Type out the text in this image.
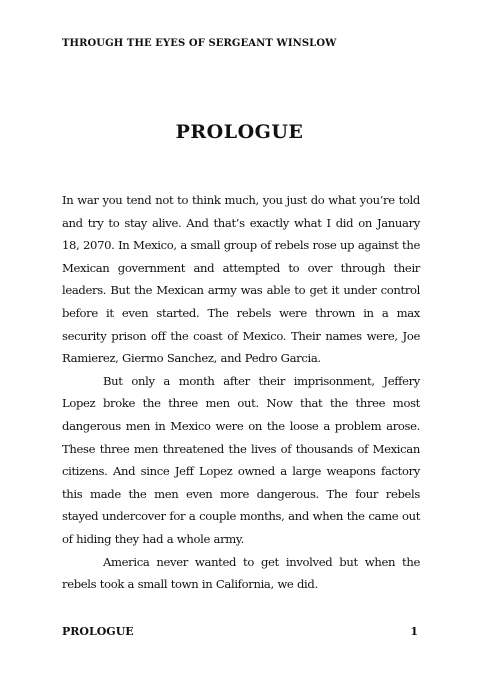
THROUGH THE EYES OF SERGEANT WINSLOW
PROLOGUE

In war you tend not to think much, you just do what you’re told and try to stay alive. And that’s exactly what I did on January 18, 2070. In Mexico, a small group of rebels rose up against the Mexican government and attempted to over through their leaders. But the Mexican army was able to get it under control before it even started. The rebels were thrown in a max security prison off the coast of Mexico. Their names were, Joe Ramierez, Giermo Sanchez, and Pedro Garcia.

But only a month after their imprisonment, Jeffery Lopez broke the three men out. Now that the three most dangerous men in Mexico were on the loose a problem arose. These three men threatened the lives of thousands of Mexican citizens. And since Jeff Lopez owned a large weapons factory this made the men even more dangerous. The four rebels stayed undercover for a couple months, and when the came out of hiding they had a whole army.

America never wanted to get involved but when the rebels took a small town in California, we did.

PROLOGUE	1
